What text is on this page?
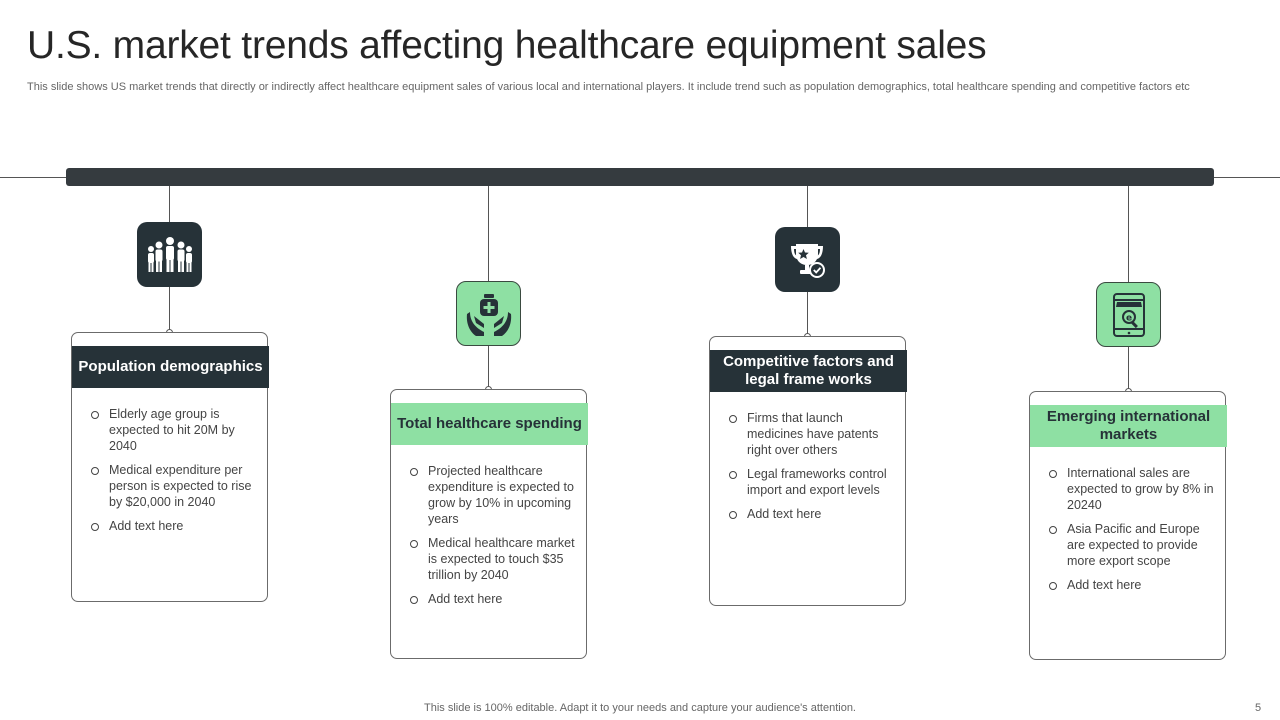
U.S. market trends affecting healthcare equipment sales
This slide shows US market trends that directly or indirectly affect healthcare equipment sales of various local and international players. It include trend such as population demographics, total healthcare spending and competitive factors etc
Population demographics
Elderly age group is expected to hit 20M by 2040
Medical expenditure per person is expected to rise by $20,000 in 2040
Add text here
Total healthcare spending
Projected healthcare expenditure is expected to grow by 10% in upcoming years
Medical healthcare market is expected to touch $35 trillion by 2040
Add text here
Competitive factors and legal frame works
Firms that launch medicines have patents right over others
Legal frameworks control import and export levels
Add text here
e
Emerging international markets
International sales are expected to grow by 8% in 20240
Asia Pacific and Europe are expected to provide more export scope
Add text here
This slide is 100% editable. Adapt it to your needs and capture your audience's attention.	5
